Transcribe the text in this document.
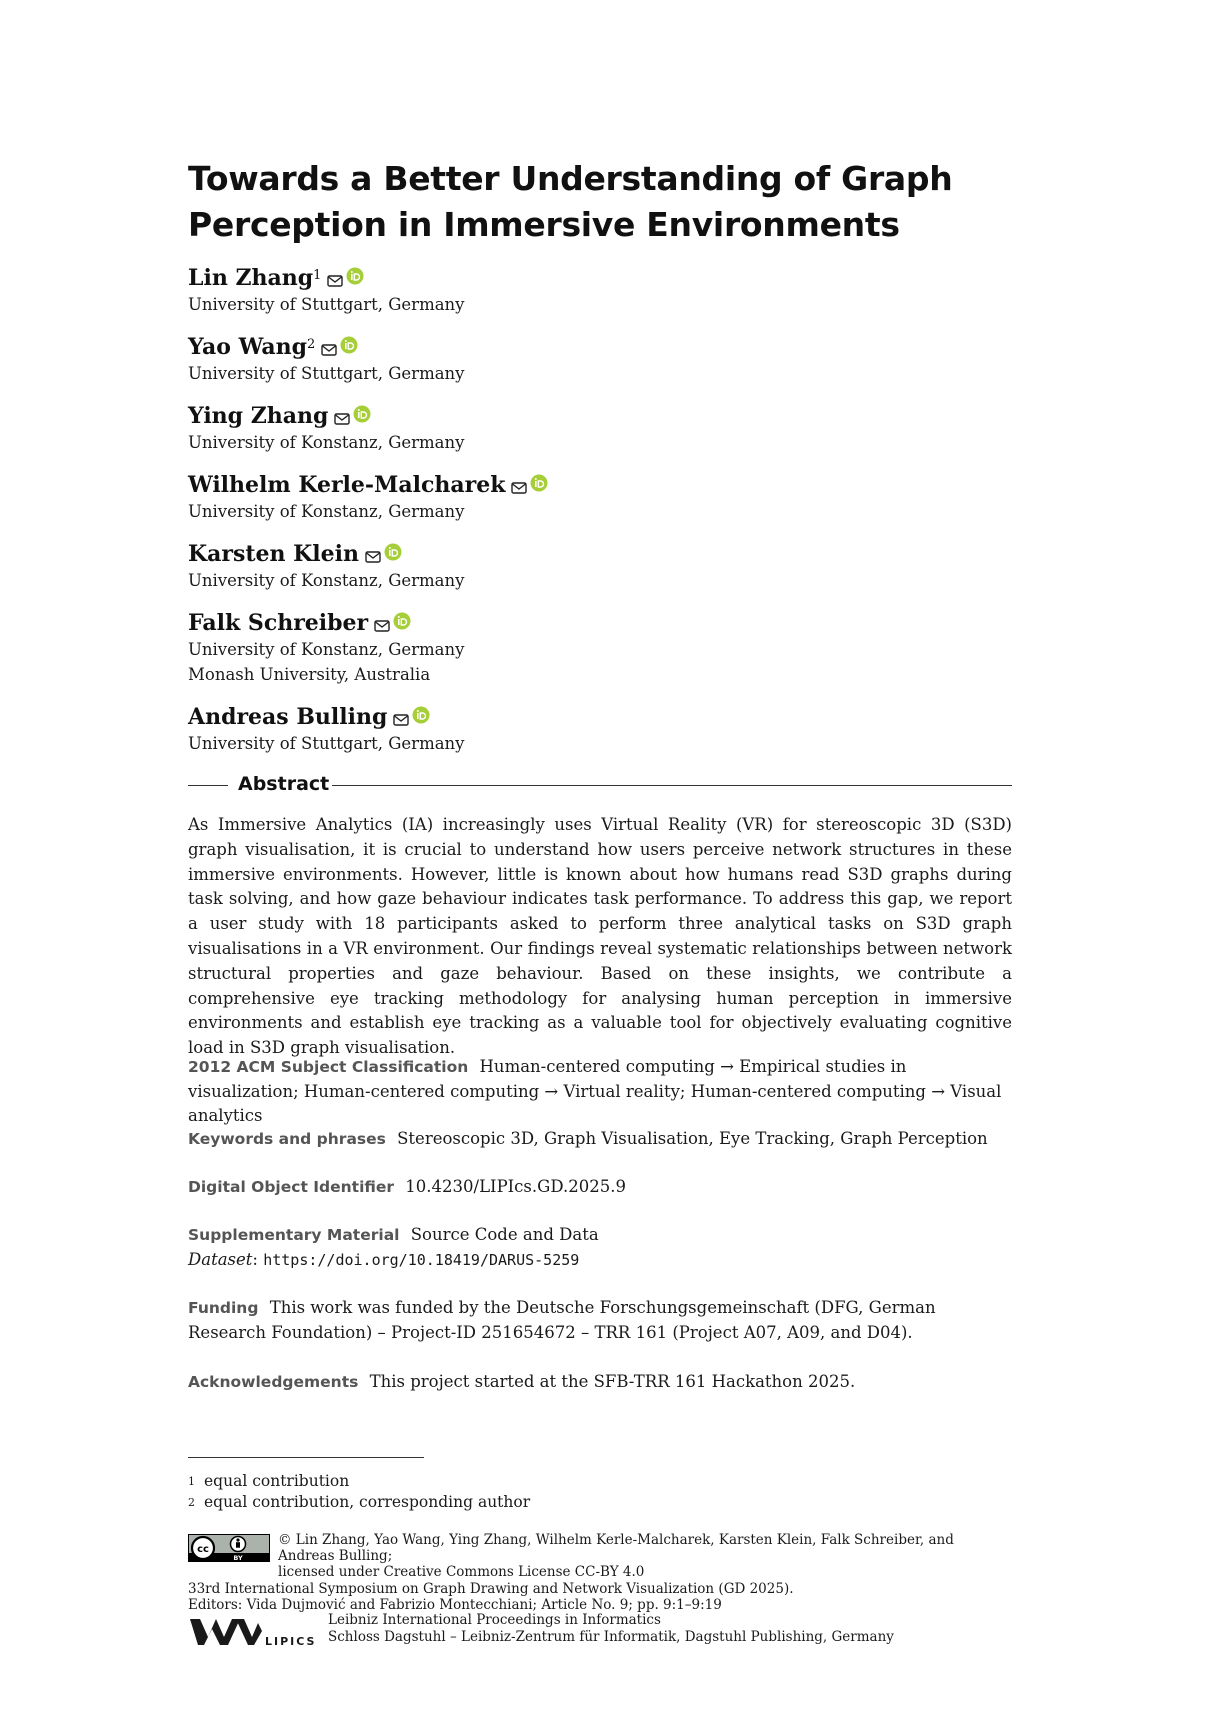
Towards a Better Understanding of Graph
Perception in Immersive Environments
Lin Zhang$^1$
University of Stuttgart, Germany
Yao Wang$^2$
University of Stuttgart, Germany
Ying Zhang
University of Konstanz, Germany
Wilhelm Kerle-Malcharek
University of Konstanz, Germany
Karsten Klein
University of Konstanz, Germany
Falk Schreiber
University of Konstanz, Germany
Monash University, Australia
Andreas Bulling
University of Stuttgart, Germany
Abstract
As Immersive Analytics (IA) increasingly uses Virtual Reality (VR) for stereoscopic 3D (S3D) graph visualisation, it is crucial to understand how users perceive network structures in these immersive environments. However, little is known about how humans read S3D graphs during task solving, and how gaze behaviour indicates task performance. To address this gap, we report a user study with 18 participants asked to perform three analytical tasks on S3D graph visualisations in a VR environment. Our findings reveal systematic relationships between network structural properties and gaze behaviour. Based on these insights, we contribute a comprehensive eye tracking methodology for analysing human perception in immersive environments and establish eye tracking as a valuable tool for objectively evaluating cognitive load in S3D graph visualisation.
2012 ACM Subject Classification Human-centered computing → Empirical studies in visualization; Human-centered computing → Virtual reality; Human-centered computing → Visual analytics
Keywords and phrases Stereoscopic 3D, Graph Visualisation, Eye Tracking, Graph Perception
Digital Object Identifier 10.4230/LIPIcs.GD.2025.9
Supplementary Material Source Code and Data
Dataset: https://doi.org/10.18419/DARUS-5259
Funding This work was funded by the Deutsche Forschungsgemeinschaft (DFG, German Research Foundation) – Project-ID 251654672 – TRR 161 (Project A07, A09, and D04).
Acknowledgements This project started at the SFB-TRR 161 Hackathon 2025.
$^1$ equal contribution
$^2$ equal contribution, corresponding author
cc
BY
© Lin Zhang, Yao Wang, Ying Zhang, Wilhelm Kerle-Malcharek, Karsten Klein, Falk Schreiber, and Andreas Bulling;
licensed under Creative Commons License CC-BY 4.0
33rd International Symposium on Graph Drawing and Network Visualization (GD 2025).
Editors: Vida Dujmović and Fabrizio Montecchiani; Article No. 9; pp. 9:1–9:19
LIPICS
Leibniz International Proceedings in Informatics
Schloss Dagstuhl – Leibniz-Zentrum für Informatik, Dagstuhl Publishing, Germany
